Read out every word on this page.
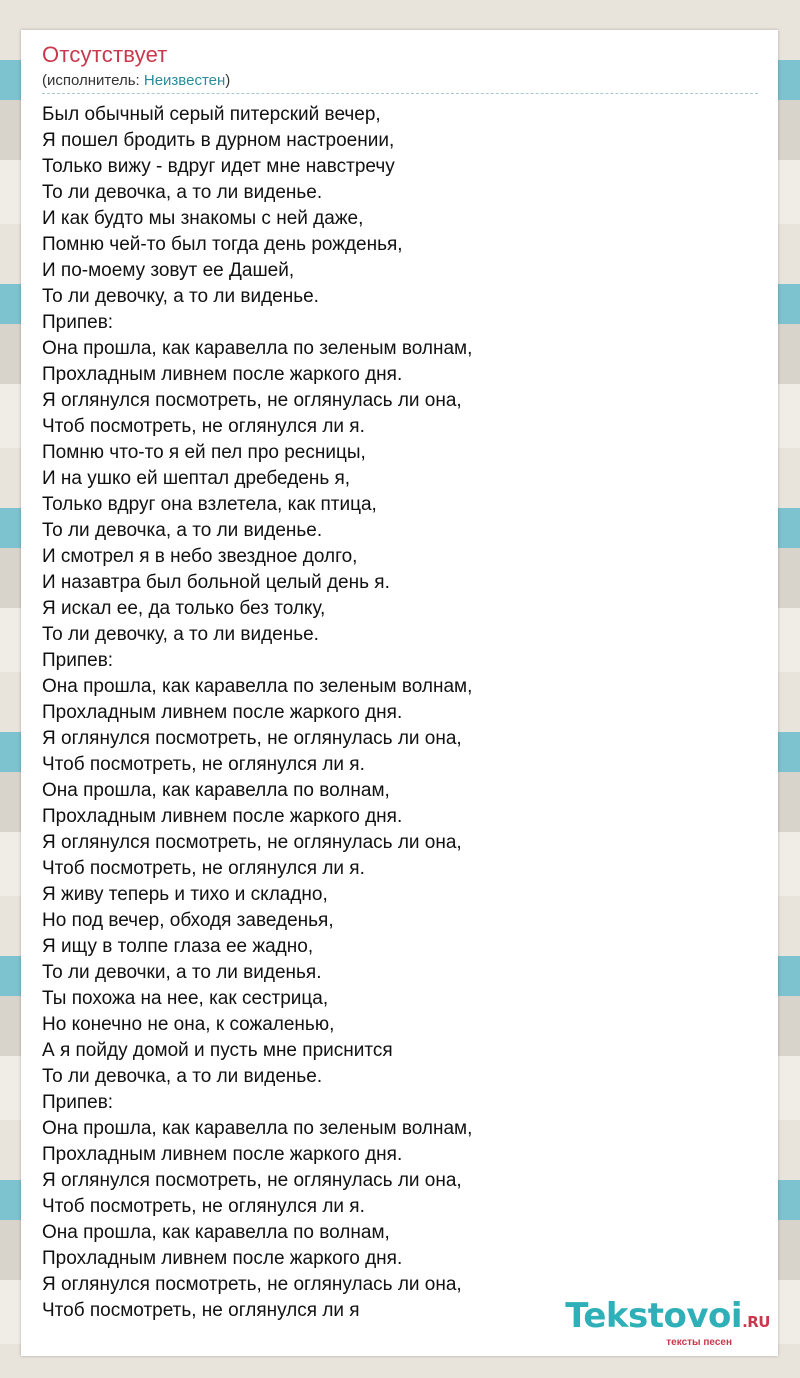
Отсутствует
(исполнитель: Неизвестен)
Был обычный серый питерский вечер,
Я пошел бродить в дурном настроении,
Только вижу - вдруг идет мне навстречу
То ли девочка, а то ли виденье.
И как будто мы знакомы с ней даже,
Помню чей-то был тогда день рожденья,
И по-моему зовут ее Дашей,
То ли девочку, а то ли виденье.
Припев:
Она прошла, как каравелла по зеленым волнам,
Прохладным ливнем после жаркого дня.
Я оглянулся посмотреть, не оглянулась ли она,
Чтоб посмотреть, не оглянулся ли я.
Помню что-то я ей пел про ресницы,
И на ушко ей шептал дребедень я,
Только вдруг она взлетела, как птица,
То ли девочка, а то ли виденье.
И смотрел я в небо звездное долго,
И назавтра был больной целый день я.
Я искал ее, да только без толку,
То ли девочку, а то ли виденье.
Припев:
Она прошла, как каравелла по зеленым волнам,
Прохладным ливнем после жаркого дня.
Я оглянулся посмотреть, не оглянулась ли она,
Чтоб посмотреть, не оглянулся ли я.
Она прошла, как каравелла по волнам,
Прохладным ливнем после жаркого дня.
Я оглянулся посмотреть, не оглянулась ли она,
Чтоб посмотреть, не оглянулся ли я.
Я живу теперь и тихо и складно,
Но под вечер, обходя заведенья,
Я ищу в толпе глаза ее жадно,
То ли девочки, а то ли виденья.
Ты похожа на нее, как сестрица,
Но конечно не она, к сожаленью,
А я пойду домой и пусть мне приснится
То ли девочка, а то ли виденье.
Припев:
Она прошла, как каравелла по зеленым волнам,
Прохладным ливнем после жаркого дня.
Я оглянулся посмотреть, не оглянулась ли она,
Чтоб посмотреть, не оглянулся ли я.
Она прошла, как каравелла по волнам,
Прохладным ливнем после жаркого дня.
Я оглянулся посмотреть, не оглянулась ли она,
Чтоб посмотреть, не оглянулся ли я	Tekstovoi.RU
тексты песен
